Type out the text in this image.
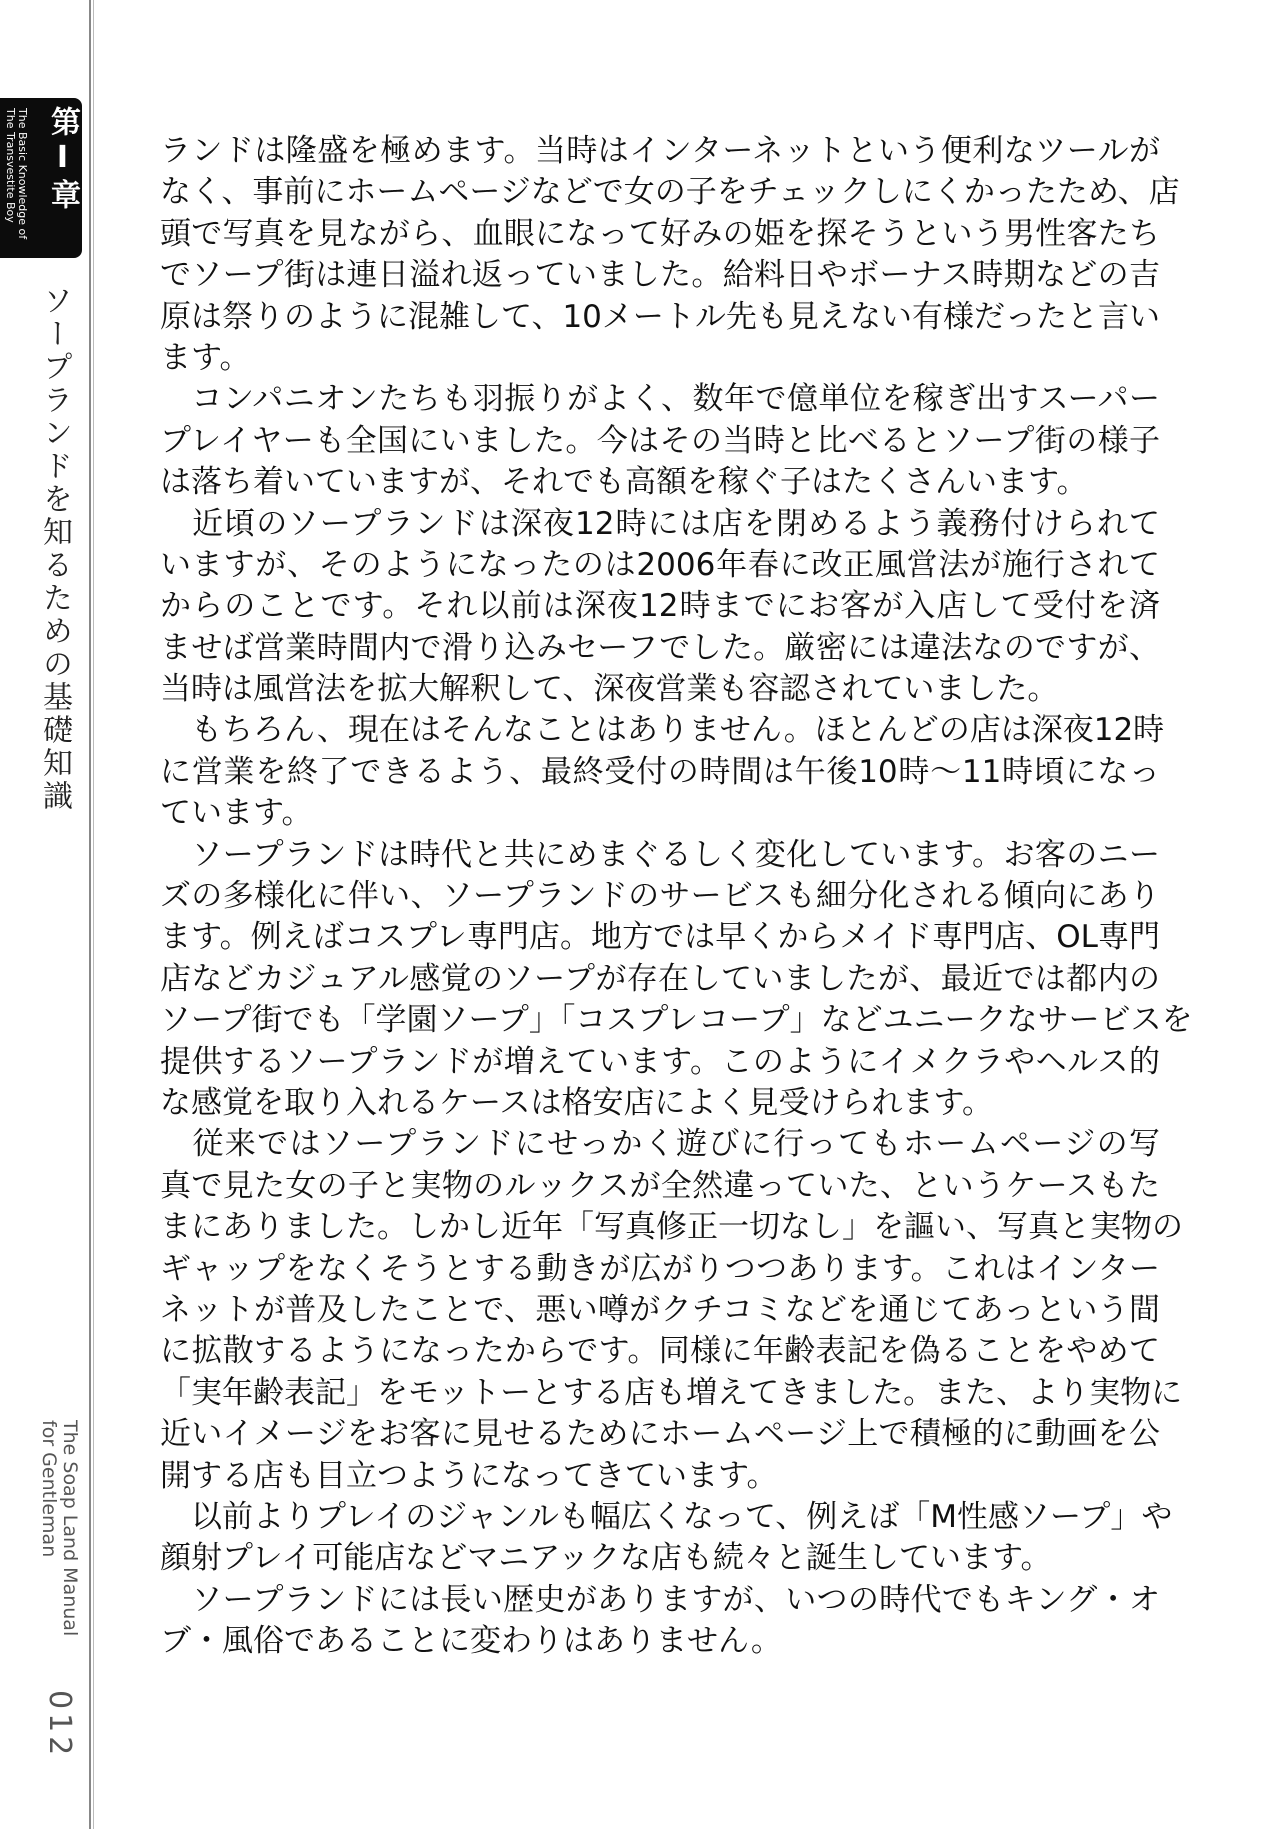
第Ⅰ章
The Basic Knowledge of
The Transvestite Boy
ソープランドを知るための基礎知識
The Soap Land Manual
for Gentleman
012
ランドは隆盛を極めます。当時はインターネットという便利なツールが
なく、事前にホームページなどで女の子をチェックしにくかったため、店
頭で写真を見ながら、血眼になって好みの姫を探そうという男性客たち
でソープ街は連日溢れ返っていました。給料日やボーナス時期などの吉
原は祭りのように混雑して、10メートル先も見えない有様だったと言い
ます。
　コンパニオンたちも羽振りがよく、数年で億単位を稼ぎ出すスーパー
プレイヤーも全国にいました。今はその当時と比べるとソープ街の様子
は落ち着いていますが、それでも高額を稼ぐ子はたくさんいます。
　近頃のソープランドは深夜12時には店を閉めるよう義務付けられて
いますが、そのようになったのは2006年春に改正風営法が施行されて
からのことです。それ以前は深夜12時までにお客が入店して受付を済
ませば営業時間内で滑り込みセーフでした。厳密には違法なのですが、
当時は風営法を拡大解釈して、深夜営業も容認されていました。
　もちろん、現在はそんなことはありません。ほとんどの店は深夜12時
に営業を終了できるよう、最終受付の時間は午後10時～11時頃になっ
ています。
　ソープランドは時代と共にめまぐるしく変化しています。お客のニー
ズの多様化に伴い、ソープランドのサービスも細分化される傾向にあり
ます。例えばコスプレ専門店。地方では早くからメイド専門店、OL専門
店などカジュアル感覚のソープが存在していましたが、最近では都内の
ソープ街でも「学園ソープ」「コスプレコープ」などユニークなサービスを
提供するソープランドが増えています。このようにイメクラやヘルス的
な感覚を取り入れるケースは格安店によく見受けられます。
　従来ではソープランドにせっかく遊びに行ってもホームページの写
真で見た女の子と実物のルックスが全然違っていた、というケースもた
まにありました。しかし近年「写真修正一切なし」を謳い、写真と実物の
ギャップをなくそうとする動きが広がりつつあります。これはインター
ネットが普及したことで、悪い噂がクチコミなどを通じてあっという間
に拡散するようになったからです。同様に年齢表記を偽ることをやめて
「実年齢表記」をモットーとする店も増えてきました。また、より実物に
近いイメージをお客に見せるためにホームページ上で積極的に動画を公
開する店も目立つようになってきています。
　以前よりプレイのジャンルも幅広くなって、例えば「M性感ソープ」や
顔射プレイ可能店などマニアックな店も続々と誕生しています。
　ソープランドには長い歴史がありますが、いつの時代でもキング・オ
ブ・風俗であることに変わりはありません。
